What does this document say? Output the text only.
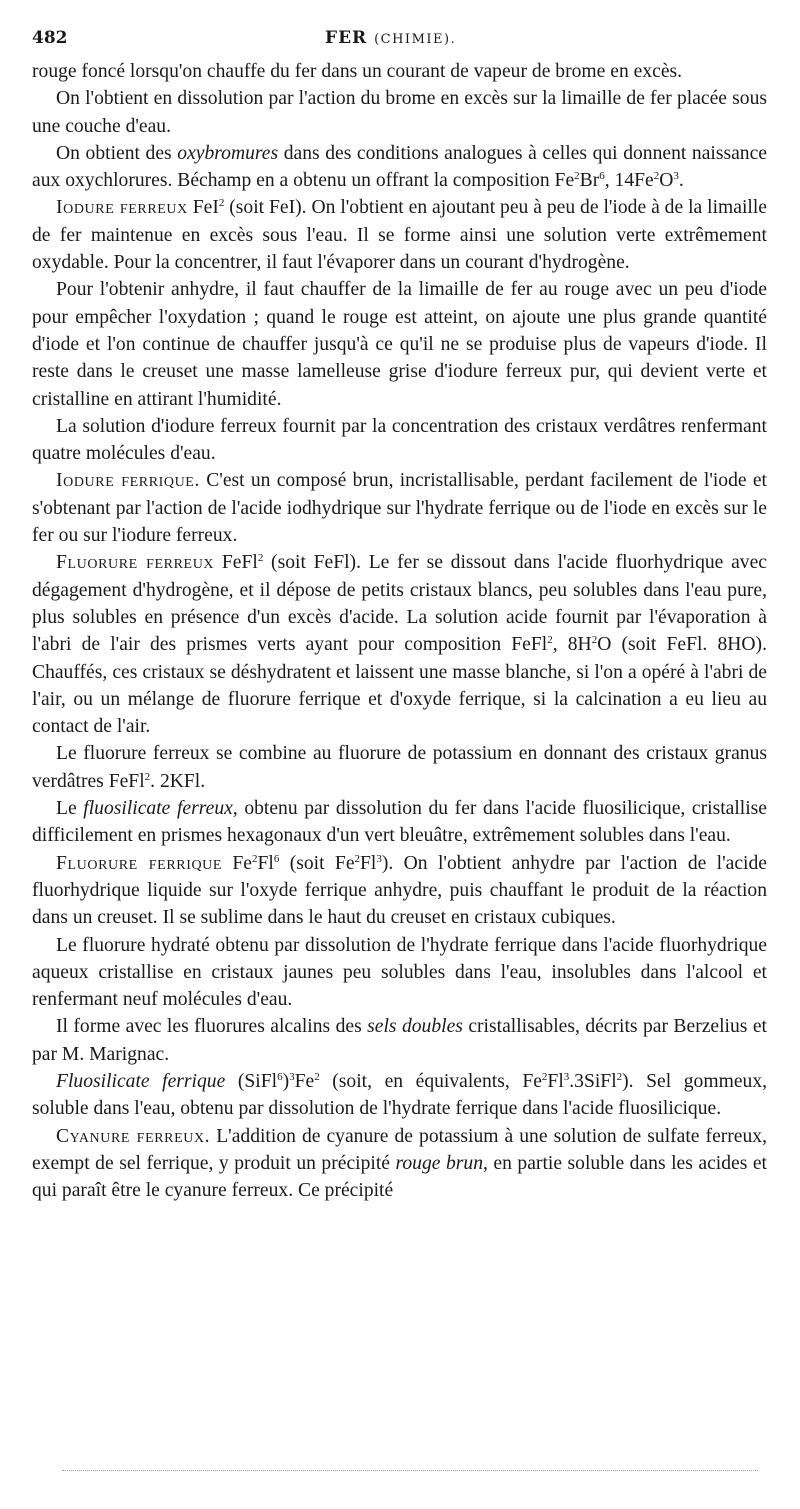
482	FER (CHIMIE).

rouge foncé lorsqu'on chauffe du fer dans un courant de vapeur de brome en excès.

On l'obtient en dissolution par l'action du brome en excès sur la limaille de fer placée sous une couche d'eau.

On obtient des oxybromures dans des conditions analogues à celles qui donnent naissance aux oxychlorures. Béchamp en a obtenu un offrant la composition Fe$^2$Br$^6$, $14Fe^2O^3$.

Iodure ferreux FeI$^2$ (soit FeI). On l'obtient en ajoutant peu à peu de l'iode à de la limaille de fer maintenue en excès sous l'eau. Il se forme ainsi une solution verte extrêmement oxydable. Pour la concentrer, il faut l'évaporer dans un courant d'hydrogène.

Pour l'obtenir anhydre, il faut chauffer de la limaille de fer au rouge avec un peu d'iode pour empêcher l'oxydation ; quand le rouge est atteint, on ajoute une plus grande quantité d'iode et l'on continue de chauffer jusqu'à ce qu'il ne se produise plus de vapeurs d'iode. Il reste dans le creuset une masse lamelleuse grise d'iodure ferreux pur, qui devient verte et cristalline en attirant l'humidité.

La solution d'iodure ferreux fournit par la concentration des cristaux verdâtres renfermant quatre molécules d'eau.

Iodure ferrique. C'est un composé brun, incristallisable, perdant facilement de l'iode et s'obtenant par l'action de l'acide iodhydrique sur l'hydrate ferrique ou de l'iode en excès sur le fer ou sur l'iodure ferreux.

Fluorure ferreux FeFl$^2$ (soit FeFl). Le fer se dissout dans l'acide fluorhydrique avec dégagement d'hydrogène, et il dépose de petits cristaux blancs, peu solubles dans l'eau pure, plus solubles en présence d'un excès d'acide. La solution acide fournit par l'évaporation à l'abri de l'air des prismes verts ayant pour composition FeFl$^2$, $8H^2O$ (soit FeFl. 8HO). Chauffés, ces cristaux se déshydratent et laissent une masse blanche, si l'on a opéré à l'abri de l'air, ou un mélange de fluorure ferrique et d'oxyde ferrique, si la calcination a eu lieu au contact de l'air.

Le fluorure ferreux se combine au fluorure de potassium en donnant des cristaux granus verdâtres FeFl$^2$. 2KFl.

Le fluosilicate ferreux, obtenu par dissolution du fer dans l'acide fluosilicique, cristallise difficilement en prismes hexagonaux d'un vert bleuâtre, extrêmement solubles dans l'eau.

Fluorure ferrique Fe$^2$Fl$^6$ (soit Fe$^2$Fl$^3$). On l'obtient anhydre par l'action de l'acide fluorhydrique liquide sur l'oxyde ferrique anhydre, puis chauffant le produit de la réaction dans un creuset. Il se sublime dans le haut du creuset en cristaux cubiques.

Le fluorure hydraté obtenu par dissolution de l'hydrate ferrique dans l'acide fluorhydrique aqueux cristallise en cristaux jaunes peu solubles dans l'eau, insolubles dans l'alcool et renfermant neuf molécules d'eau.

Il forme avec les fluorures alcalins des sels doubles cristallisables, décrits par Berzelius et par M. Marignac.

Fluosilicate ferrique (SiFl$^6$)$^3$Fe$^2$ (soit, en équivalents, Fe$^2$Fl$^3$.3SiFl$^2$). Sel gommeux, soluble dans l'eau, obtenu par dissolution de l'hydrate ferrique dans l'acide fluosilicique.

Cyanure ferreux. L'addition de cyanure de potassium à une solution de sulfate ferreux, exempt de sel ferrique, y produit un précipité rouge brun, en partie soluble dans les acides et qui paraît être le cyanure ferreux. Ce précipité
